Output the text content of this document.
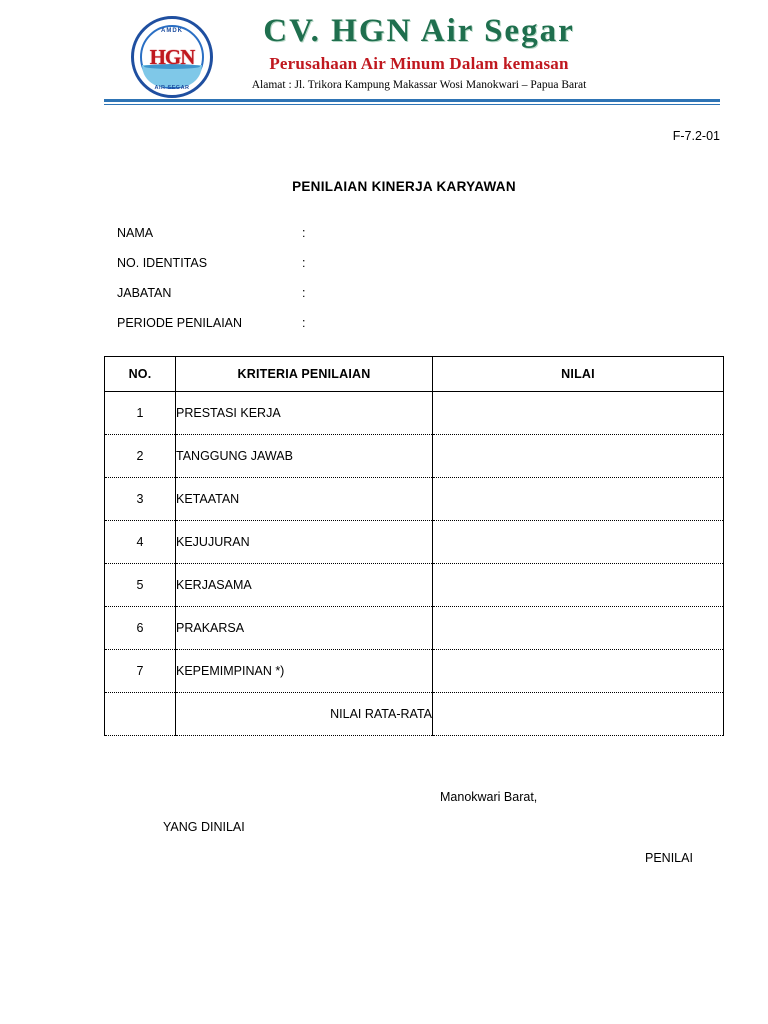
AMDK
HGN
AIR SEGAR
CV. HGN Air Segar
Perusahaan Air Minum Dalam kemasan
Alamat : Jl. Trikora Kampung Makassar Wosi Manokwari – Papua Barat
F-7.2-01
PENILAIAN KINERJA KARYAWAN
NAMA	:
NO. IDENTITAS	:
JABATAN	:
PERIODE PENILAIAN	:
NO.	KRITERIA PENILAIAN	NILAI
1	PRESTASI KERJA	
2	TANGGUNG JAWAB	
3	KETAATAN	
4	KEJUJURAN	
5	KERJASAMA	
6	PRAKARSA	
7	KEPEMIMPINAN *)	
	NILAI RATA-RATA	
Manokwari Barat,
YANG DINILAI
PENILAI
